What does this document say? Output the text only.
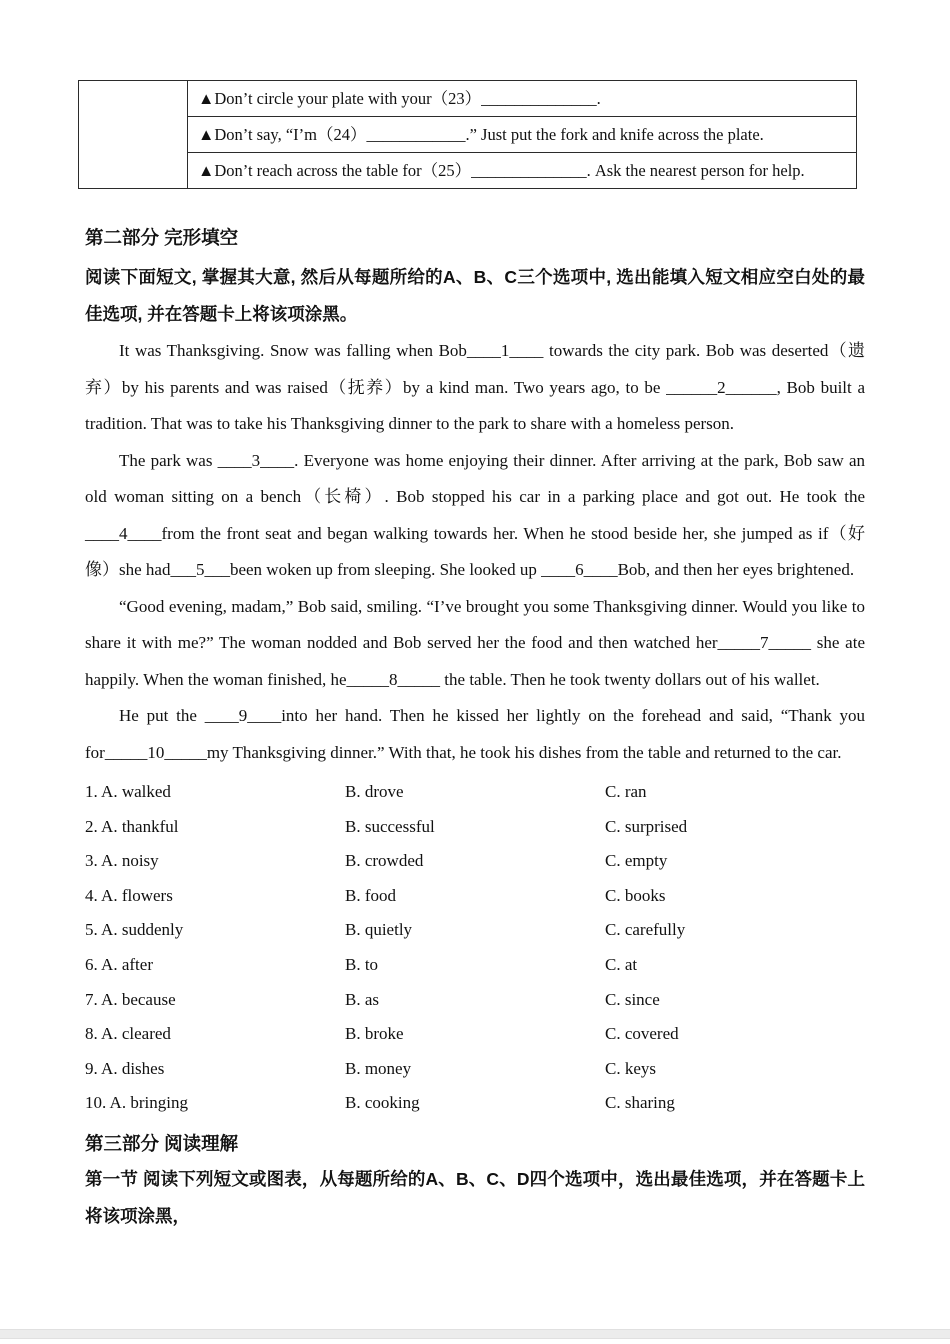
▲Don’t circle your plate with your（23）______________.
▲Don’t say, “I’m（24）____________.” Just put the fork and knife across the plate.
▲Don’t reach across the table for（25）______________. Ask the nearest person for help.
第二部分 完形填空

阅读下面短文, 掌握其大意, 然后从每题所给的A、B、C三个选项中, 选出能填入短文相应空白处的最佳选项, 并在答题卡上将该项涂黑。

It was Thanksgiving. Snow was falling when Bob____1____ towards the city park. Bob was deserted（遗弃）by his parents and was raised（抚养）by a kind man. Two years ago, to be ______2______, Bob built a tradition. That was to take his Thanksgiving dinner to the park to share with a homeless person.

The park was ____3____. Everyone was home enjoying their dinner. After arriving at the park, Bob saw an old woman sitting on a bench（长椅）. Bob stopped his car in a parking place and got out. He took the ____4____from the front seat and began walking towards her. When he stood beside her, she jumped as if（好像）she had___5___been woken up from sleeping. She looked up ____6____Bob, and then her eyes brightened.

“Good evening, madam,” Bob said, smiling. “I’ve brought you some Thanksgiving dinner. Would you like to share it with me?” The woman nodded and Bob served her the food and then watched her_____7_____ she ate happily. When the woman finished, he_____8_____ the table. Then he took twenty dollars out of his wallet.

He put the ____9____into her hand. Then he kissed her lightly on the forehead and said, “Thank you for_____10_____my Thanksgiving dinner.” With that, he took his dishes from the table and returned to the car.

1. A. walked	B. drove	C. ran
2. A. thankful	B. successful	C. surprised
3. A. noisy	B. crowded	C. empty
4. A. flowers	B. food	C. books
5. A. suddenly	B. quietly	C. carefully
6. A. after	B. to	C. at
7. A. because	B. as	C. since
8. A. cleared	B. broke	C. covered
9. A. dishes	B. money	C. keys
10. A. bringing	B. cooking	C. sharing
第三部分 阅读理解

第一节 阅读下列短文或图表，从每题所给的A、B、C、D四个选项中，选出最佳选项，并在答题卡上将该项涂黑，
